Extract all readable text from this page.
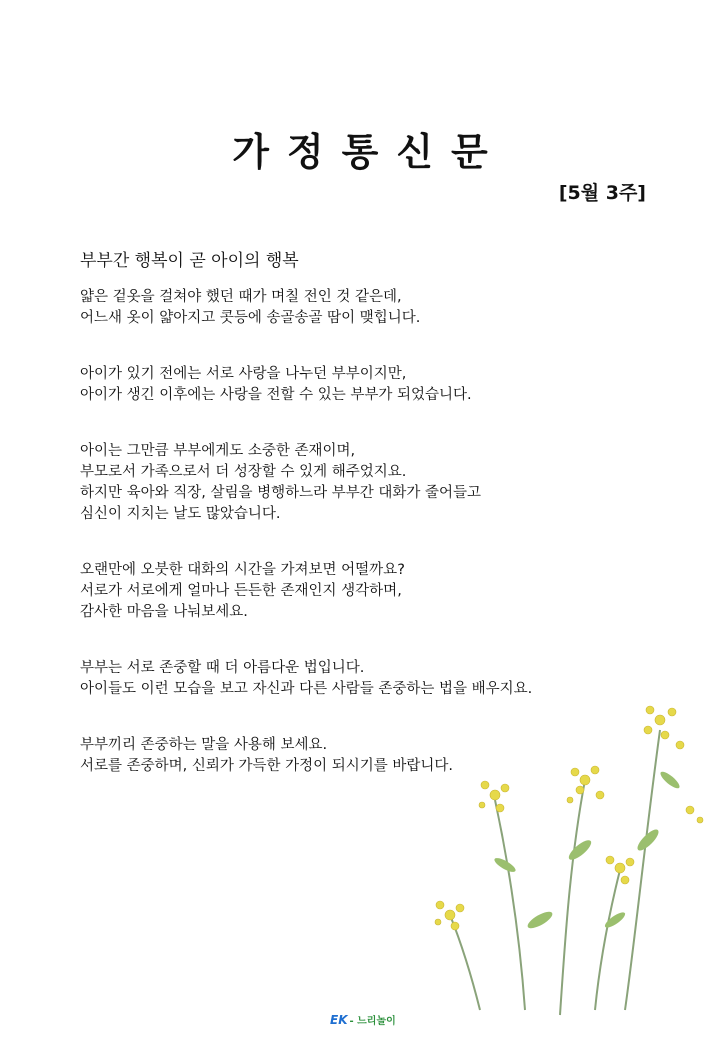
가정통신문
[5월 3주]
부부간 행복이 곧 아이의 행복

얇은 겉옷을 걸쳐야 했던 때가 며칠 전인 것 같은데,

어느새 옷이 얇아지고 콧등에 송골송골 땀이 맺힙니다.

아이가 있기 전에는 서로 사랑을 나누던 부부이지만,

아이가 생긴 이후에는 사랑을 전할 수 있는 부부가 되었습니다.

아이는 그만큼 부부에게도 소중한 존재이며,

부모로서 가족으로서 더 성장할 수 있게 해주었지요.

하지만 육아와 직장, 살림을 병행하느라 부부간 대화가 줄어들고

심신이 지치는 날도 많았습니다.

오랜만에 오붓한 대화의 시간을 가져보면 어떨까요?

서로가 서로에게 얼마나 든든한 존재인지 생각하며,

감사한 마음을 나눠보세요.

부부는 서로 존중할 때 더 아름다운 법입니다.

아이들도 이런 모습을 보고 자신과 다른 사람들 존중하는 법을 배우지요.

부부끼리 존중하는 말을 사용해 보세요.

서로를 존중하며, 신뢰가 가득한 가정이 되시기를 바랍니다.

EK - 느리놀이
